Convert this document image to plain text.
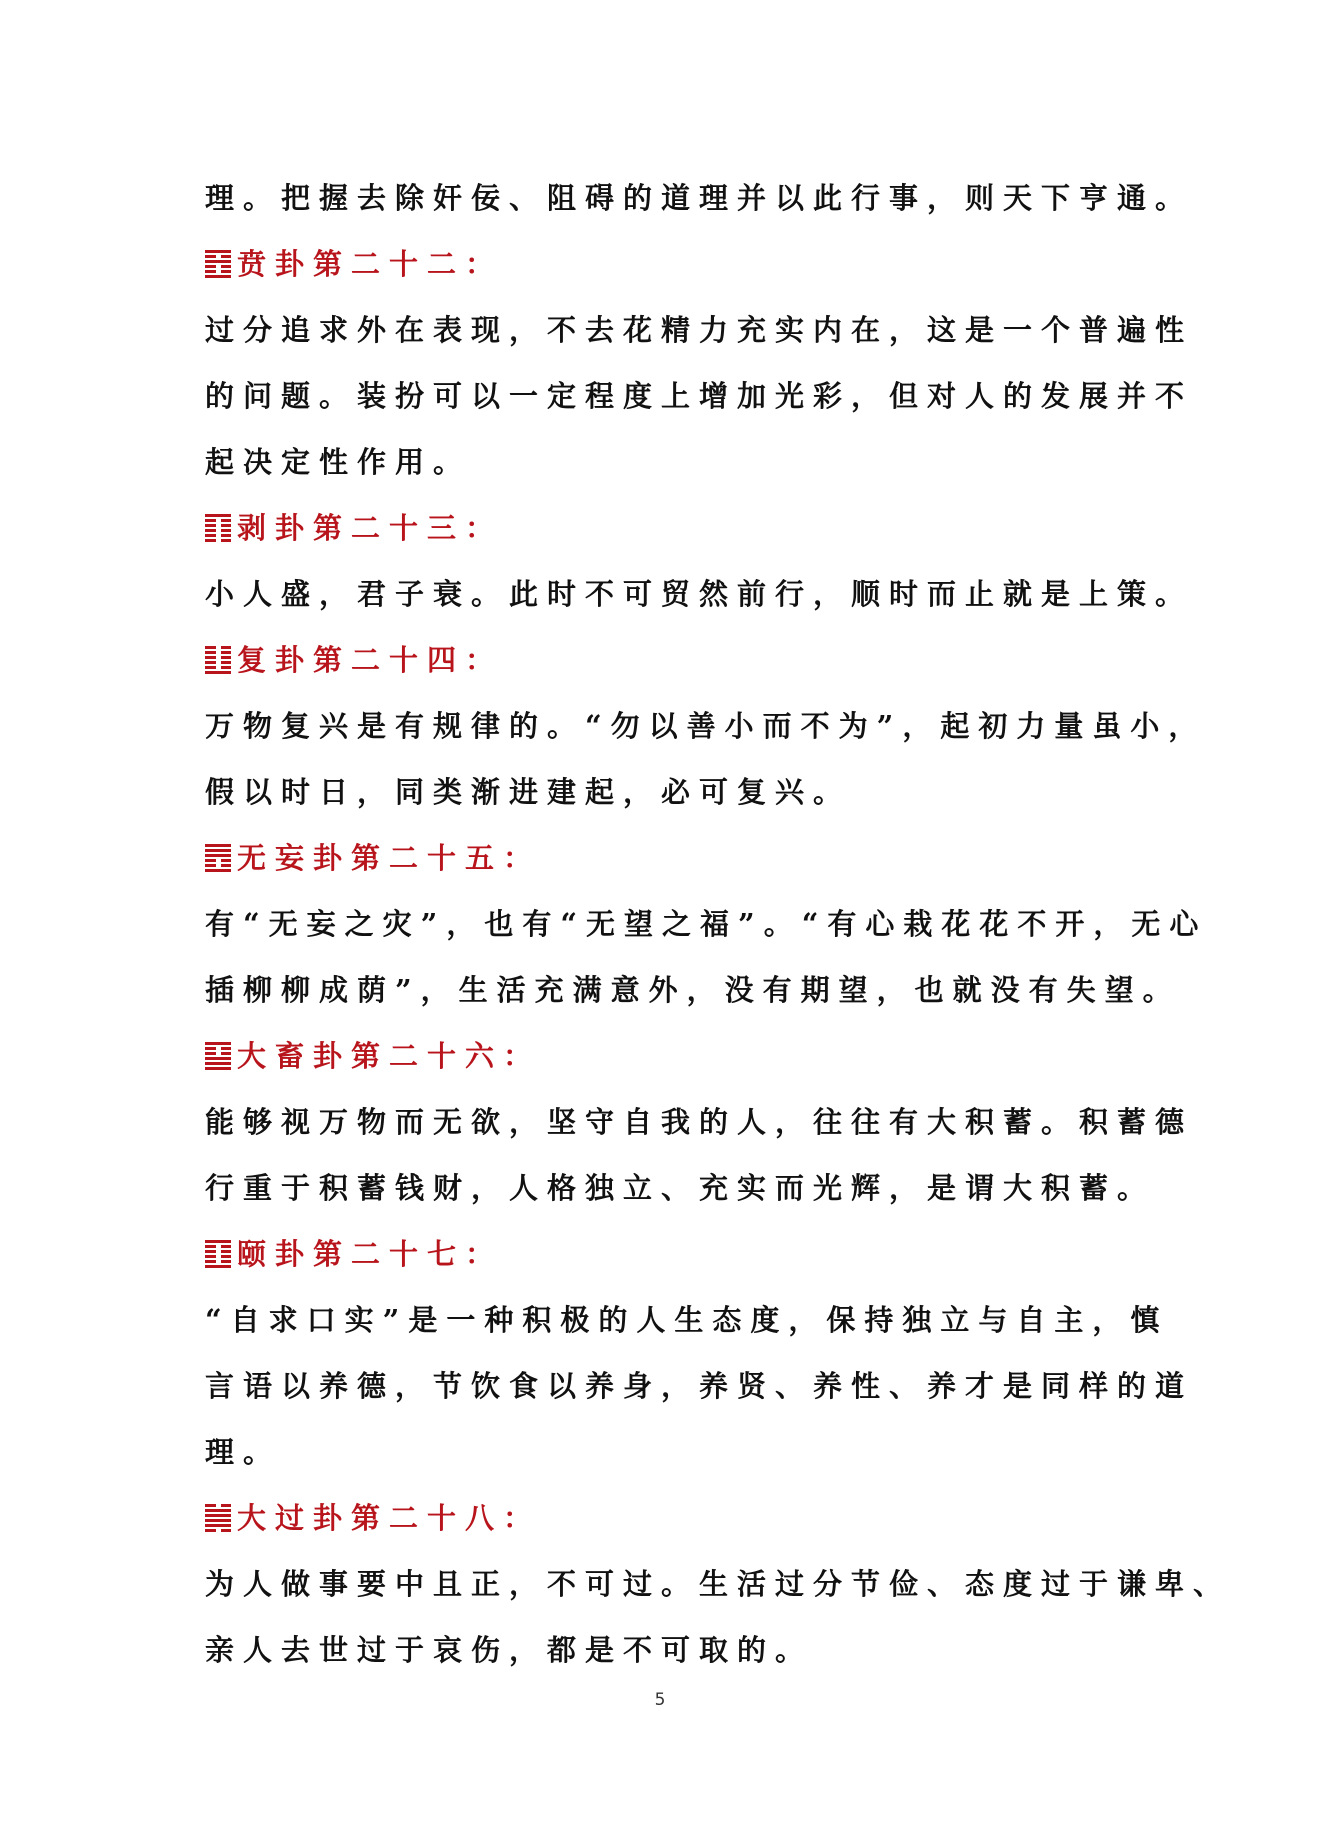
理。把握去除奸佞、阻碍的道理并以此行事，则天下亨通。
贲卦第二十二：
过分追求外在表现，不去花精力充实内在，这是一个普遍性
的问题。装扮可以一定程度上增加光彩，但对人的发展并不
起决定性作用。
剥卦第二十三：
小人盛，君子衰。此时不可贸然前行，顺时而止就是上策。
复卦第二十四：
万物复兴是有规律的。“勿以善小而不为”，起初力量虽小，
假以时日，同类渐进建起，必可复兴。
无妄卦第二十五：
有“无妄之灾”，也有“无望之福”。“有心栽花花不开，无心
插柳柳成荫”，生活充满意外，没有期望，也就没有失望。
大畜卦第二十六：
能够视万物而无欲，坚守自我的人，往往有大积蓄。积蓄德
行重于积蓄钱财，人格独立、充实而光辉，是谓大积蓄。
颐卦第二十七：
“自求口实”是一种积极的人生态度，保持独立与自主，慎
言语以养德，节饮食以养身，养贤、养性、养才是同样的道
理。
大过卦第二十八：
为人做事要中且正，不可过。生活过分节俭、态度过于谦卑、
亲人去世过于哀伤，都是不可取的。
5
